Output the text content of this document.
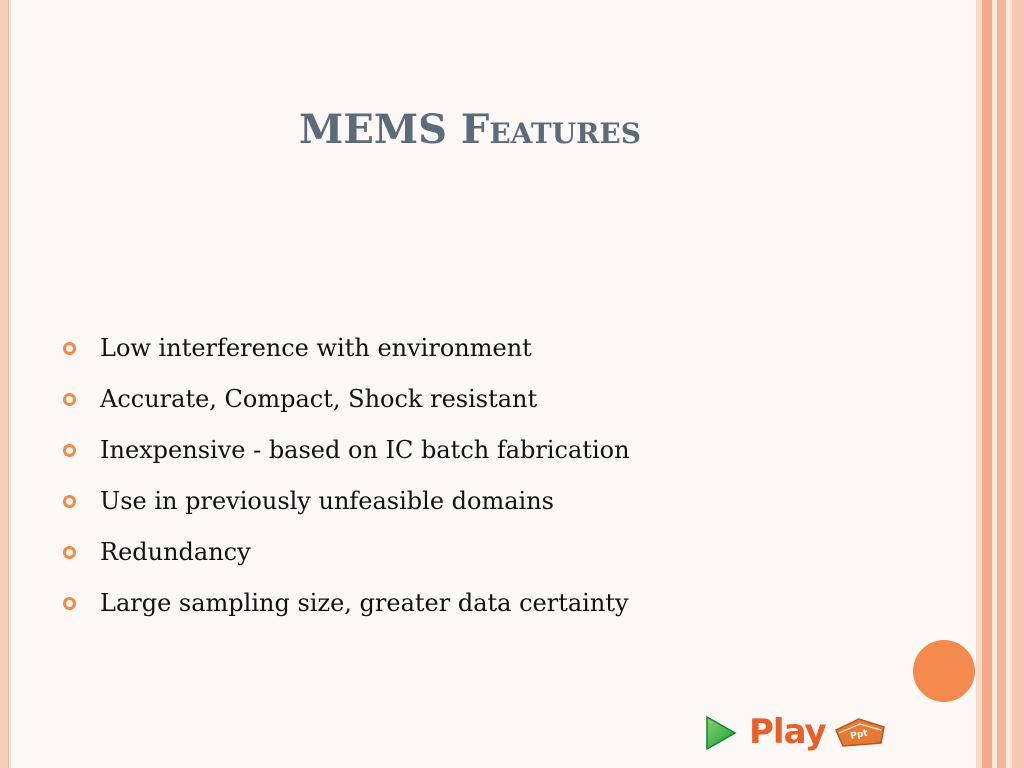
MEMS Features
Low interference with environment
Accurate, Compact, Shock resistant
Inexpensive - based on IC batch fabrication
Use in previously unfeasible domains
Redundancy
Large sampling size, greater data certainty
Play	Ppt
